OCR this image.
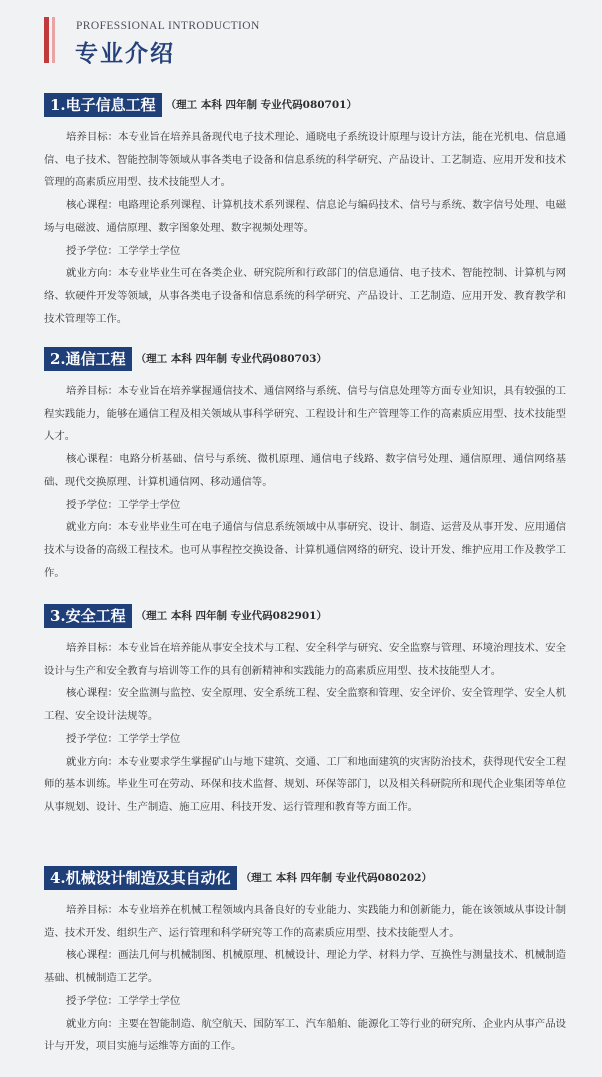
PROFESSIONAL INTRODUCTION
专业介绍
1.电子信息工程 （理工 本科 四年制 专业代码080701）

培养目标：本专业旨在培养具备现代电子技术理论、通晓电子系统设计原理与设计方法，能在光机电、信息通信、电子技术、智能控制等领域从事各类电子设备和信息系统的科学研究、产品设计、工艺制造、应用开发和技术管理的高素质应用型、技术技能型人才。

核心课程：电路理论系列课程、计算机技术系列课程、信息论与编码技术、信号与系统、数字信号处理、电磁场与电磁波、通信原理、数字图象处理、数字视频处理等。

授予学位：工学学士学位

就业方向：本专业毕业生可在各类企业、研究院所和行政部门的信息通信、电子技术、智能控制、计算机与网络、软硬件开发等领域，从事各类电子设备和信息系统的科学研究、产品设计、工艺制造、应用开发、教育教学和技术管理等工作。

2.通信工程 （理工 本科 四年制 专业代码080703）

培养目标：本专业旨在培养掌握通信技术、通信网络与系统、信号与信息处理等方面专业知识，具有较强的工程实践能力，能够在通信工程及相关领域从事科学研究、工程设计和生产管理等工作的高素质应用型、技术技能型人才。

核心课程：电路分析基础、信号与系统、微机原理、通信电子线路、数字信号处理、通信原理、通信网络基础、现代交换原理、计算机通信网、移动通信等。

授予学位：工学学士学位

就业方向：本专业毕业生可在电子通信与信息系统领域中从事研究、设计、制造、运营及从事开发、应用通信技术与设备的高级工程技术。也可从事程控交换设备、计算机通信网络的研究、设计开发、维护应用工作及教学工作。

3.安全工程 （理工 本科 四年制 专业代码082901）

培养目标：本专业旨在培养能从事安全技术与工程、安全科学与研究、安全监察与管理、环境治理技术、安全设计与生产和安全教育与培训等工作的具有创新精神和实践能力的高素质应用型、技术技能型人才。

核心课程：安全监测与监控、安全原理、安全系统工程、安全监察和管理、安全评价、安全管理学、安全人机工程、安全设计法规等。

授予学位：工学学士学位

就业方向：本专业要求学生掌握矿山与地下建筑、交通、工厂和地面建筑的灾害防治技术，获得现代安全工程师的基本训练。毕业生可在劳动、环保和技术监督、规划、环保等部门，以及相关科研院所和现代企业集团等单位从事规划、设计、生产制造、施工应用、科技开发、运行管理和教育等方面工作。

4.机械设计制造及其自动化 （理工 本科 四年制 专业代码080202）

培养目标：本专业培养在机械工程领域内具备良好的专业能力、实践能力和创新能力，能在该领域从事设计制造、技术开发、组织生产、运行管理和科学研究等工作的高素质应用型、技术技能型人才。

核心课程：画法几何与机械制图、机械原理、机械设计、理论力学、材料力学、互换性与测量技术、机械制造基础、机械制造工艺学。

授予学位：工学学士学位

就业方向：主要在智能制造、航空航天、国防军工、汽车船舶、能源化工等行业的研究所、企业内从事产品设计与开发，项目实施与运维等方面的工作。
